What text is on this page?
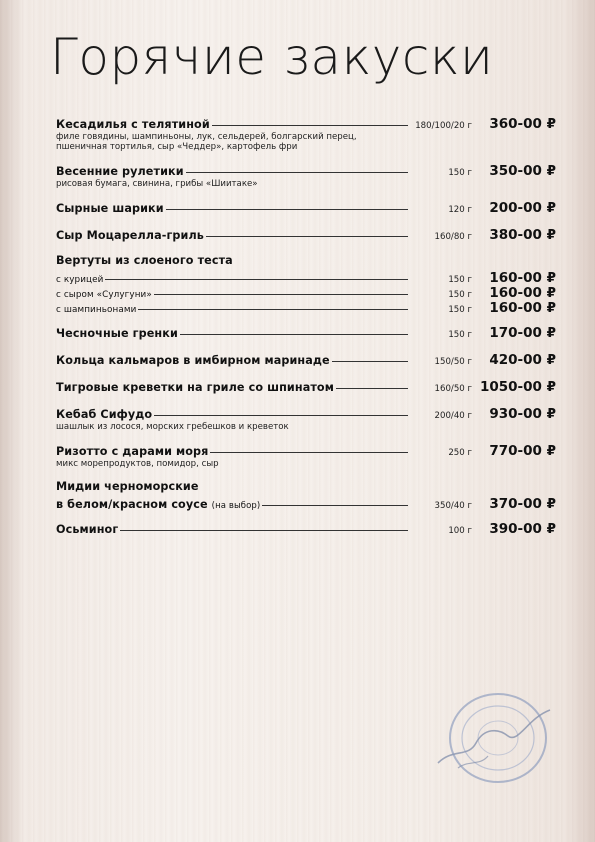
Горячие закуски
Кесадилья с телятиной	180/100/20 г	360-00 ₽
филе говядины, шампиньоны, лук, сельдерей, болгарский перец,
пшеничная тортилья, сыр «Чеддер», картофель фри
Весенние рулетики	150 г	350-00 ₽
рисовая бумага, свинина, грибы «Шиитаке»
Сырные шарики	120 г	200-00 ₽
Сыр Моцарелла-гриль	160/80 г	380-00 ₽
Вертуты из слоеного теста
с курицей	150 г	160-00 ₽
с сыром «Сулугуни»	150 г	160-00 ₽
с шампиньонами	150 г	160-00 ₽
Чесночные гренки	150 г	170-00 ₽
Кольца кальмаров в имбирном маринаде	150/50 г	420-00 ₽
Тигровые креветки на гриле со шпинатом	160/50 г 1050-00 ₽
Кебаб Сифудо	200/40 г	930-00 ₽
шашлык из лосося, морских гребешков и креветок
Ризотто с дарами моря	250 г	770-00 ₽
микс морепродуктов, помидор, сыр
Мидии черноморские
в белом/красном соусе (на выбор)	350/40 г	370-00 ₽
Осьминог	100 г	390-00 ₽
